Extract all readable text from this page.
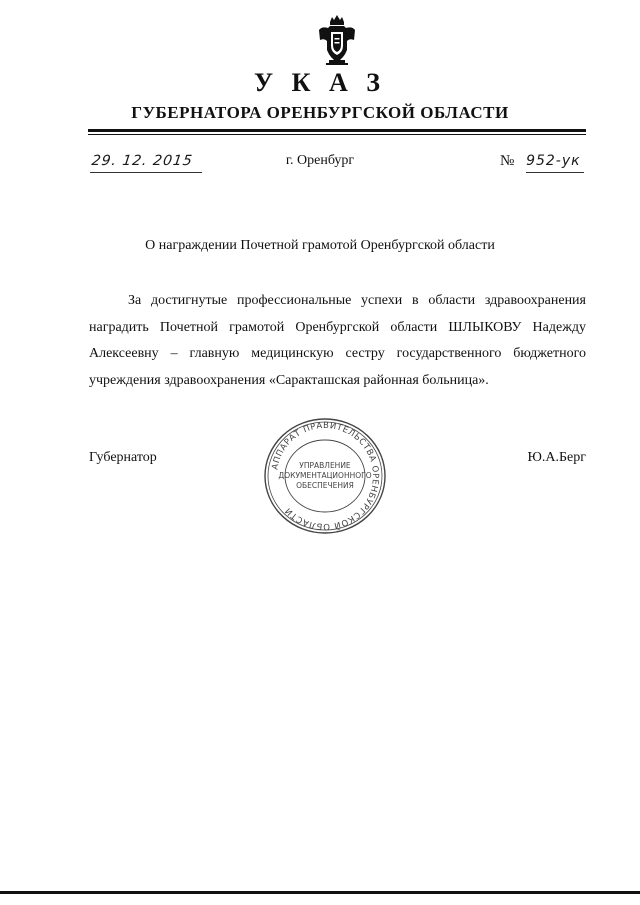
У К А З
ГУБЕРНАТОРА ОРЕНБУРГСКОЙ ОБЛАСТИ
29. 12. 2015	г. Оренбург	№ 952-ук
О награждении Почетной грамотой Оренбургской области

За достигнутые профессиональные успехи в области здравоохранения наградить Почетной грамотой Оренбургской области ШЛЫКОВУ Надежду Алексеевну – главную медицинскую сестру государственного бюджетного учреждения здравоохранения «Саракташская районная больница».

Губернатор	Ю.А.Берг
АППАРАТ ПРАВИТЕЛЬСТВА ОРЕНБУРГСКОЙ ОБЛАСТИ
УПРАВЛЕНИЕ
ДОКУМЕНТАЦИОННОГО
ОБЕСПЕЧЕНИЯ
